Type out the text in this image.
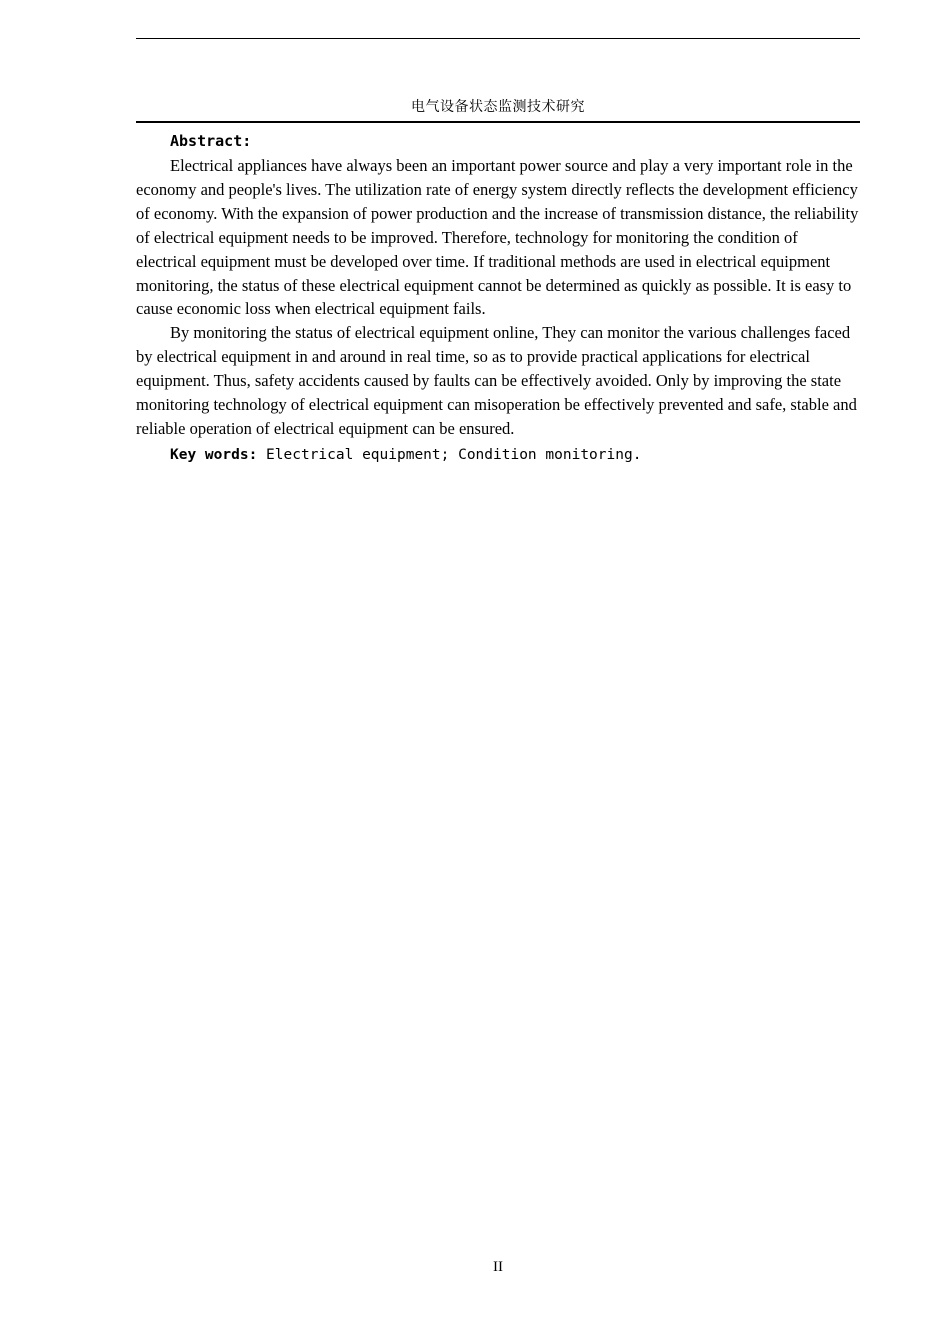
电气设备状态监测技术研究
Abstract:

Electrical appliances have always been an important power source and play a very important role in the economy and people's lives. The utilization rate of energy system directly reflects the development efficiency of economy. With the expansion of power production and the increase of transmission distance, the reliability of electrical equipment needs to be improved. Therefore, technology for monitoring the condition of electrical equipment must be developed over time. If traditional methods are used in electrical equipment monitoring, the status of these electrical equipment cannot be determined as quickly as possible. It is easy to cause economic loss when electrical equipment fails.

By monitoring the status of electrical equipment online, They can monitor the various challenges faced by electrical equipment in and around in real time, so as to provide practical applications for electrical equipment. Thus, safety accidents caused by faults can be effectively avoided. Only by improving the state monitoring technology of electrical equipment can misoperation be effectively prevented and safe, stable and reliable operation of electrical equipment can be ensured.

Key words: Electrical equipment; Condition monitoring.
II
